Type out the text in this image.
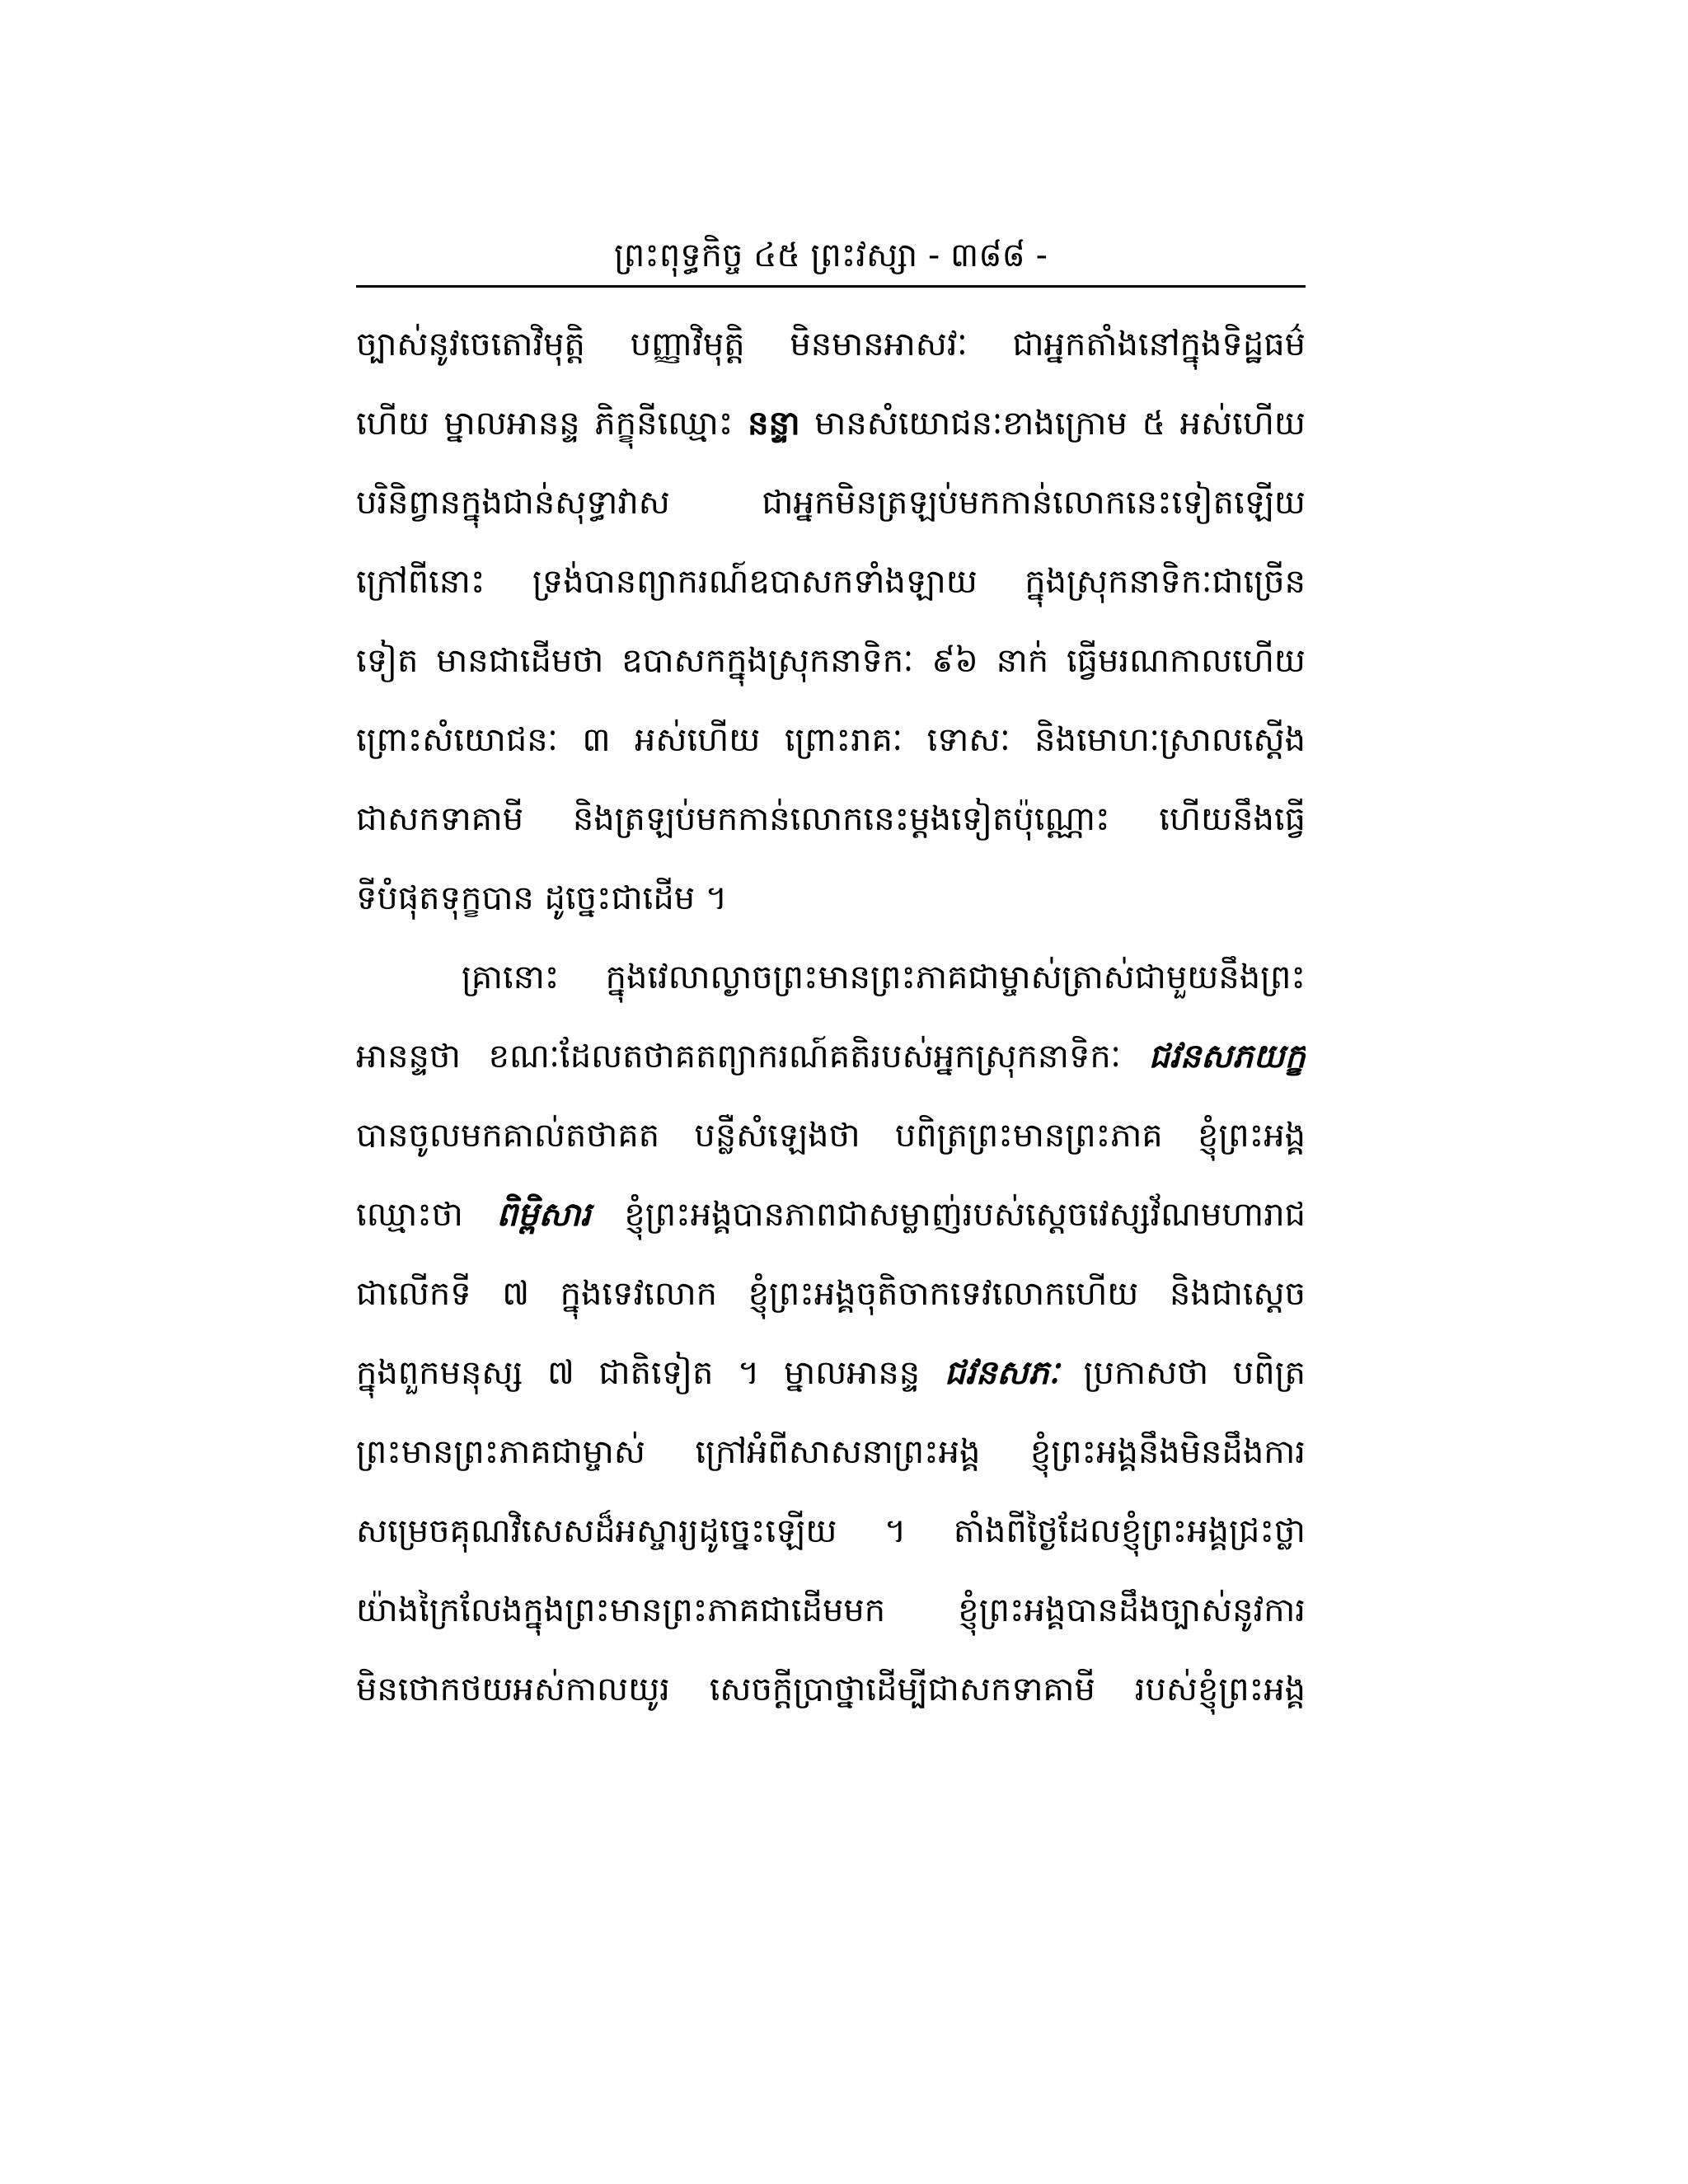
ព្រះពុទ្ធកិច្ច ៤៥ ព្រះវស្សា - ៣៨៨ -
ច្បាស់នូវចេតោវិមុត្តិ បញ្ញាវិមុត្តិ មិនមានអាសវៈ ជាអ្នកតាំងនៅក្នុងទិដ្ឋធម៌
ហើយ ម្នាលអានន្ទ ភិក្ខុនីឈ្មោះ នន្ទា មានសំយោជនៈខាងក្រោម ៥ អស់ហើយ
បរិនិព្វានក្នុងជាន់សុទ្ធាវាស ជាអ្នកមិនត្រឡប់មកកាន់លោកនេះទៀតឡើយ
ក្រៅពីនោះ ទ្រង់បានព្យាករណ៍ឧបាសកទាំងឡាយ ក្នុងស្រុកនាទិកៈជាច្រើន
ទៀត មានជាដើមថា ឧបាសកក្នុងស្រុកនាទិកៈ ៩៦ នាក់ ធ្វើមរណកាលហើយ
ព្រោះសំយោជនៈ ៣ អស់ហើយ ព្រោះរាគៈ ទោសៈ និងមោហៈស្រាលស្តើង
ជាសកទាគាមី និងត្រឡប់មកកាន់លោកនេះម្តងទៀតប៉ុណ្ណោះ ហើយនឹងធ្វើ
ទីបំផុតទុក្ខបាន ដូច្នេះជាដើម ។
គ្រានោះ ក្នុងវេលាល្ងាចព្រះមានព្រះភាគជាម្ចាស់ត្រាស់ជាមួយនឹងព្រះ
អានន្ទថា ខណៈដែលតថាគតព្យាករណ៍គតិរបស់អ្នកស្រុកនាទិកៈ ជវនសភយក្ខ
បានចូលមកគាល់តថាគត បន្លឺសំឡេងថា បពិត្រព្រះមានព្រះភាគ ខ្ញុំព្រះអង្គ
ឈ្មោះថា ពិម្ពិសារ ខ្ញុំព្រះអង្គបានភាពជាសម្លាញ់របស់ស្តេចវេស្សវ័ណមហារាជ
ជាលើកទី ៧ ក្នុងទេវលោក ខ្ញុំព្រះអង្គចុតិចាកទេវលោកហើយ និងជាស្តេច
ក្នុងពួកមនុស្ស ៧ ជាតិទៀត ។ ម្នាលអានន្ទ ជវនសភៈ ប្រកាសថា បពិត្រ
ព្រះមានព្រះភាគជាម្ចាស់ ក្រៅអំពីសាសនាព្រះអង្គ ខ្ញុំព្រះអង្គនឹងមិនដឹងការ
សម្រេចគុណវិសេសដ៏អស្ចារ្យដូច្នេះឡើយ ។ តាំងពីថ្ងៃដែលខ្ញុំព្រះអង្គជ្រះថ្លា
យ៉ាងក្រៃលែងក្នុងព្រះមានព្រះភាគជាដើមមក ខ្ញុំព្រះអង្គបានដឹងច្បាស់នូវការ
មិនថោកថយអស់កាលយូរ សេចក្តីប្រាថ្នាដើម្បីជាសកទាគាមី របស់ខ្ញុំព្រះអង្គ
